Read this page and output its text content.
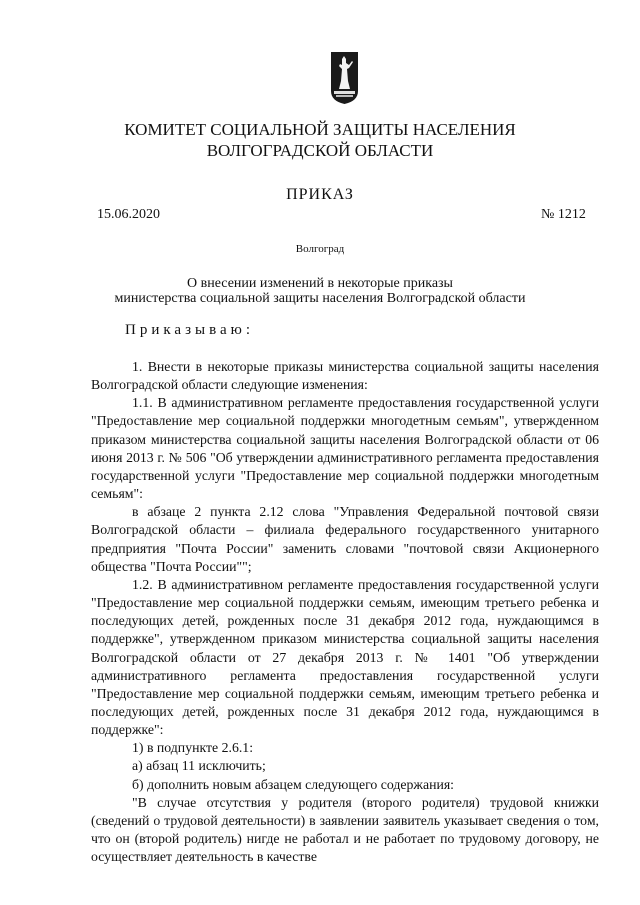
КОМИТЕТ СОЦИАЛЬНОЙ ЗАЩИТЫ НАСЕЛЕНИЯ
ВОЛГОГРАДСКОЙ ОБЛАСТИ
ПРИКАЗ
15.06.2020	№ 1212
Волгоград
О внесении изменений в некоторые приказы
министерства социальной защиты населения Волгоградской области
Приказываю:

1. Внести в некоторые приказы министерства социальной защиты населения Волгоградской области следующие изменения:

1.1. В административном регламенте предоставления государственной услуги "Предоставление мер социальной поддержки многодетным семьям", утвержденном приказом министерства социальной защиты населения Волгоградской области от 06 июня 2013 г. № 506 "Об утверждении административного регламента предоставления государственной услуги "Предоставление мер социальной поддержки многодетным семьям":

в абзаце 2 пункта 2.12 слова "Управления Федеральной почтовой связи Волгоградской области – филиала федерального государственного унитарного предприятия "Почта России" заменить словами "почтовой связи Акционерного общества "Почта России"";

1.2. В административном регламенте предоставления государственной услуги "Предоставление мер социальной поддержки семьям, имеющим третьего ребенка и последующих детей, рожденных после 31 декабря 2012 года, нуждающимся в поддержке", утвержденном приказом министерства социальной защиты населения Волгоградской области от 27 декабря 2013 г. № 1401 "Об утверждении административного регламента предоставления государственной услуги "Предоставление мер социальной поддержки семьям, имеющим третьего ребенка и последующих детей, рожденных после 31 декабря 2012 года, нуждающимся в поддержке":

1) в подпункте 2.6.1:

а) абзац 11 исключить;

б) дополнить новым абзацем следующего содержания:

"В случае отсутствия у родителя (второго родителя) трудовой книжки (сведений о трудовой деятельности) в заявлении заявитель указывает сведения о том, что он (второй родитель) нигде не работал и не работает по трудовому договору, не осуществляет деятельность в качестве
